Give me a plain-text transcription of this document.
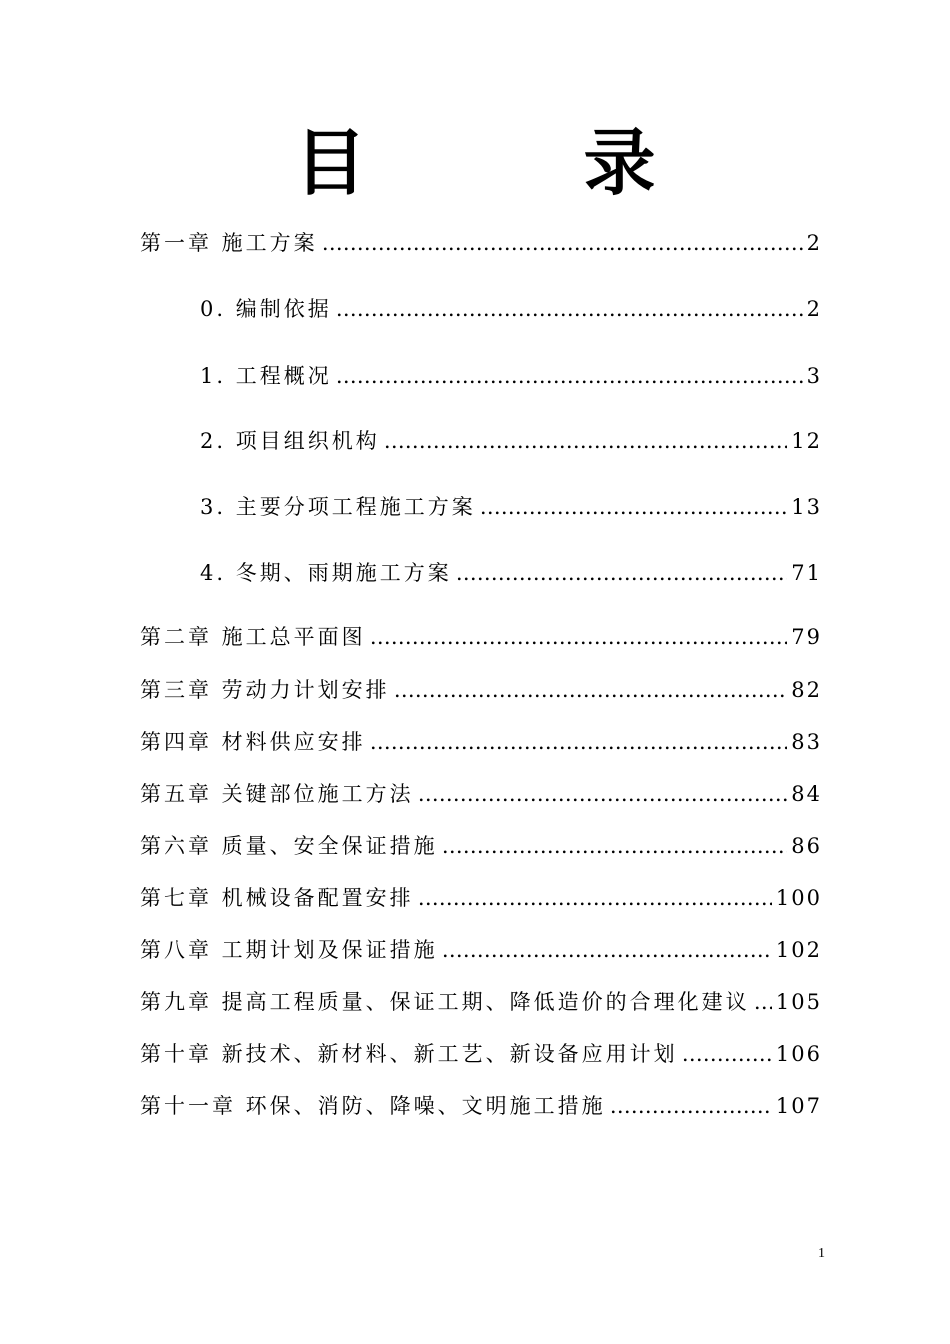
目 录
第一章 施工方案 …………………………………………………………………………………………………………………………………………………………………………	2
0. 编制依据 …………………………………………………………………………………………………………………………………………………………………………	2
1. 工程概况 …………………………………………………………………………………………………………………………………………………………………………	3
2. 项目组织机构 …………………………………………………………………………………………………………………………………………………………………………	12
3. 主要分项工程施工方案 …………………………………………………………………………………………………………………………………………………………………………	13
4. 冬期、雨期施工方案 …………………………………………………………………………………………………………………………………………………………………………	71
第二章 施工总平面图 …………………………………………………………………………………………………………………………………………………………………………	79
第三章 劳动力计划安排 …………………………………………………………………………………………………………………………………………………………………………	82
第四章 材料供应安排 …………………………………………………………………………………………………………………………………………………………………………	83
第五章 关键部位施工方法 …………………………………………………………………………………………………………………………………………………………………………	84
第六章 质量、安全保证措施 …………………………………………………………………………………………………………………………………………………………………………	86
第七章 机械设备配置安排 …………………………………………………………………………………………………………………………………………………………………………	100
第八章 工期计划及保证措施 …………………………………………………………………………………………………………………………………………………………………………	102
第九章 提高工程质量、保证工期、降低造价的合理化建议 ………………………………………………………………………………………………………………………………………………………………………… 105
第十章 新技术、新材料、新工艺、新设备应用计划 …………………………………………………………………………………………………………………………………………………………………………	106
第十一章 环保、消防、降噪、文明施工措施 …………………………………………………………………………………………………………………………………………………………………………	107
1
